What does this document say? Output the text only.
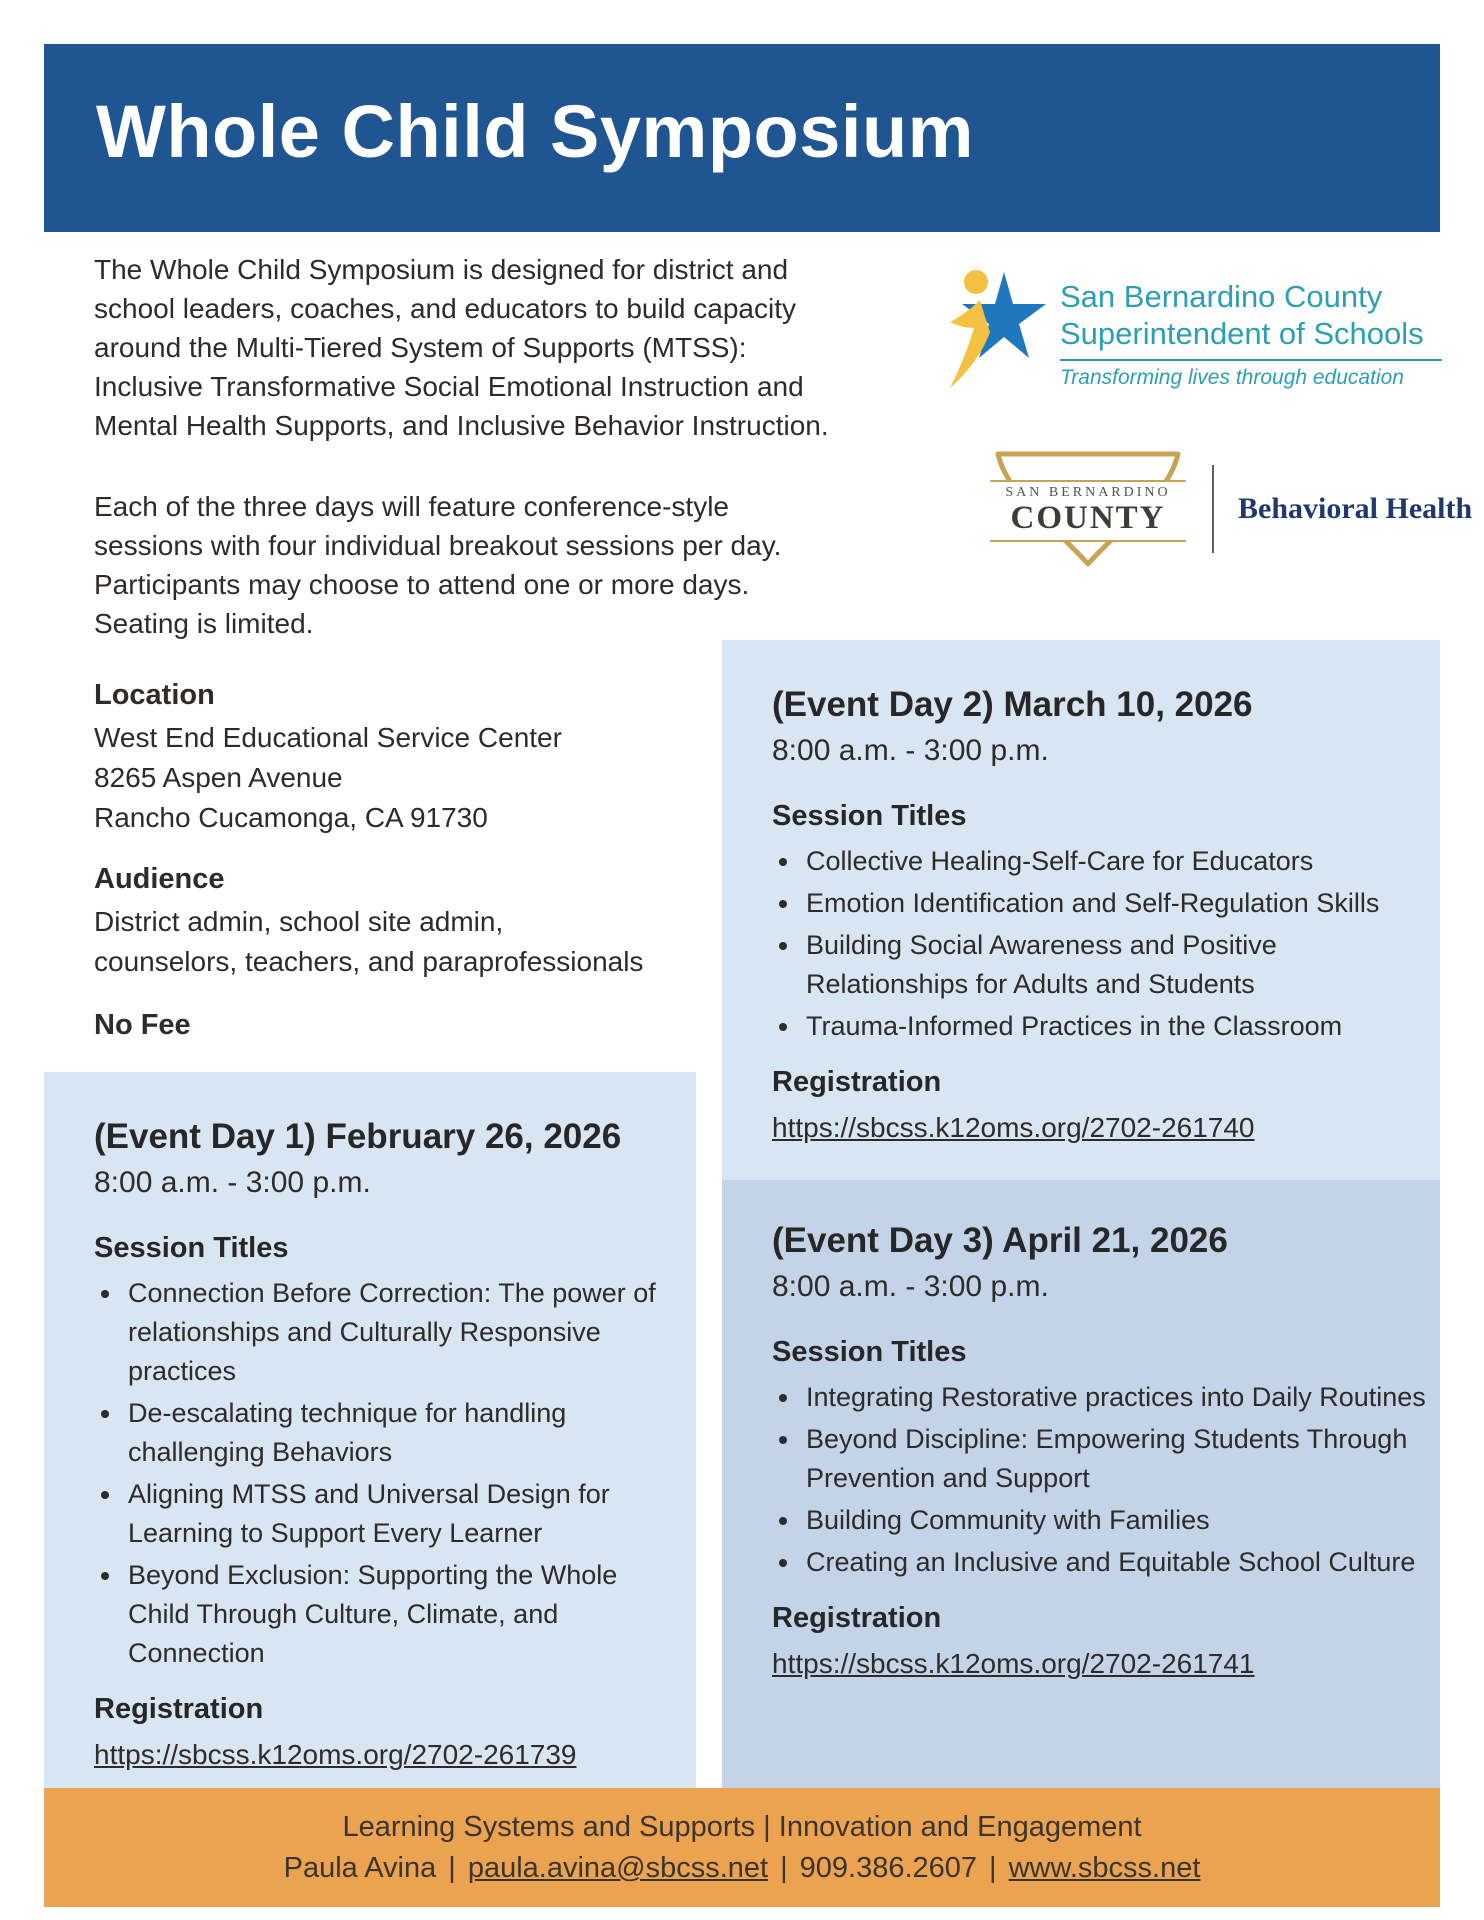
Whole Child Symposium

The Whole Child Symposium is designed for district and school leaders, coaches, and educators to build capacity around the Multi-Tiered System of Supports (MTSS): Inclusive Transformative Social Emotional Instruction and Mental Health Supports, and Inclusive Behavior Instruction.

Each of the three days will feature conference-style sessions with four individual breakout sessions per day. Participants may choose to attend one or more days. Seating is limited.

Location
West End Educational Service Center
8265 Aspen Avenue
Rancho Cucamonga, CA 91730
Audience
District admin, school site admin,
counselors, teachers, and paraprofessionals
No Fee
San Bernardino County
Superintendent of Schools
Transforming lives through education
SAN BERNARDINO
COUNTY	Behavioral Health
(Event Day 2) March 10, 2026
8:00 a.m. - 3:00 p.m.
Session Titles
• Collective Healing-Self-Care for Educators
• Emotion Identification and Self-Regulation Skills
• Building Social Awareness and Positive Relationships for Adults and Students
• Trauma-Informed Practices in the Classroom
Registration
https://sbcss.k12oms.org/2702-261740
(Event Day 3) April 21, 2026
8:00 a.m. - 3:00 p.m.
Session Titles
• Integrating Restorative practices into Daily Routines
• Beyond Discipline: Empowering Students Through Prevention and Support
• Building Community with Families
• Creating an Inclusive and Equitable School Culture
Registration
https://sbcss.k12oms.org/2702-261741
(Event Day 1) February 26, 2026
8:00 a.m. - 3:00 p.m.
Session Titles
• Connection Before Correction: The power of relationships and Culturally Responsive practices
• De-escalating technique for handling challenging Behaviors
• Aligning MTSS and Universal Design for Learning to Support Every Learner
• Beyond Exclusion: Supporting the Whole Child Through Culture, Climate, and Connection
Registration
https://sbcss.k12oms.org/2702-261739
Learning Systems and Supports | Innovation and Engagement
Paula Avina | paula.avina@sbcss.net | 909.386.2607 | www.sbcss.net
